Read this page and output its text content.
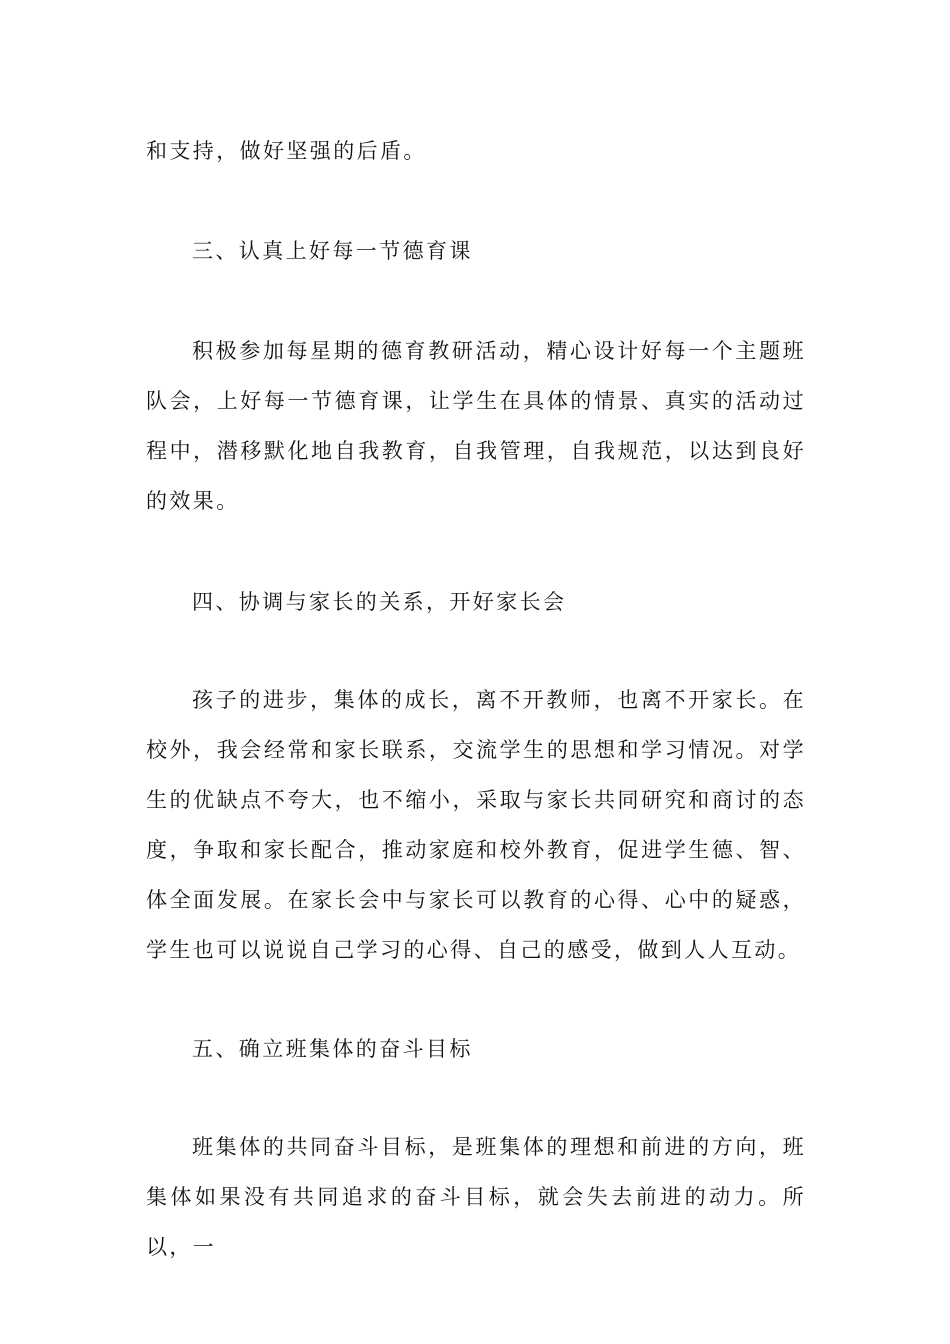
和支持，做好坚强的后盾。

三、认真上好每一节德育课

积极参加每星期的德育教研活动，精心设计好每一个主题班队会，上好每一节德育课，让学生在具体的情景、真实的活动过程中，潜移默化地自我教育，自我管理，自我规范，以达到良好的效果。

四、协调与家长的关系，开好家长会

孩子的进步，集体的成长，离不开教师，也离不开家长。在校外，我会经常和家长联系，交流学生的思想和学习情况。对学生的优缺点不夸大，也不缩小，采取与家长共同研究和商讨的态度，争取和家长配合，推动家庭和校外教育，促进学生德、智、体全面发展。在家长会中与家长可以教育的心得、心中的疑惑，学生也可以说说自己学习的心得、自己的感受，做到人人互动。

五、确立班集体的奋斗目标

班集体的共同奋斗目标，是班集体的理想和前进的方向，班集体如果没有共同追求的奋斗目标，就会失去前进的动力。所以，一
